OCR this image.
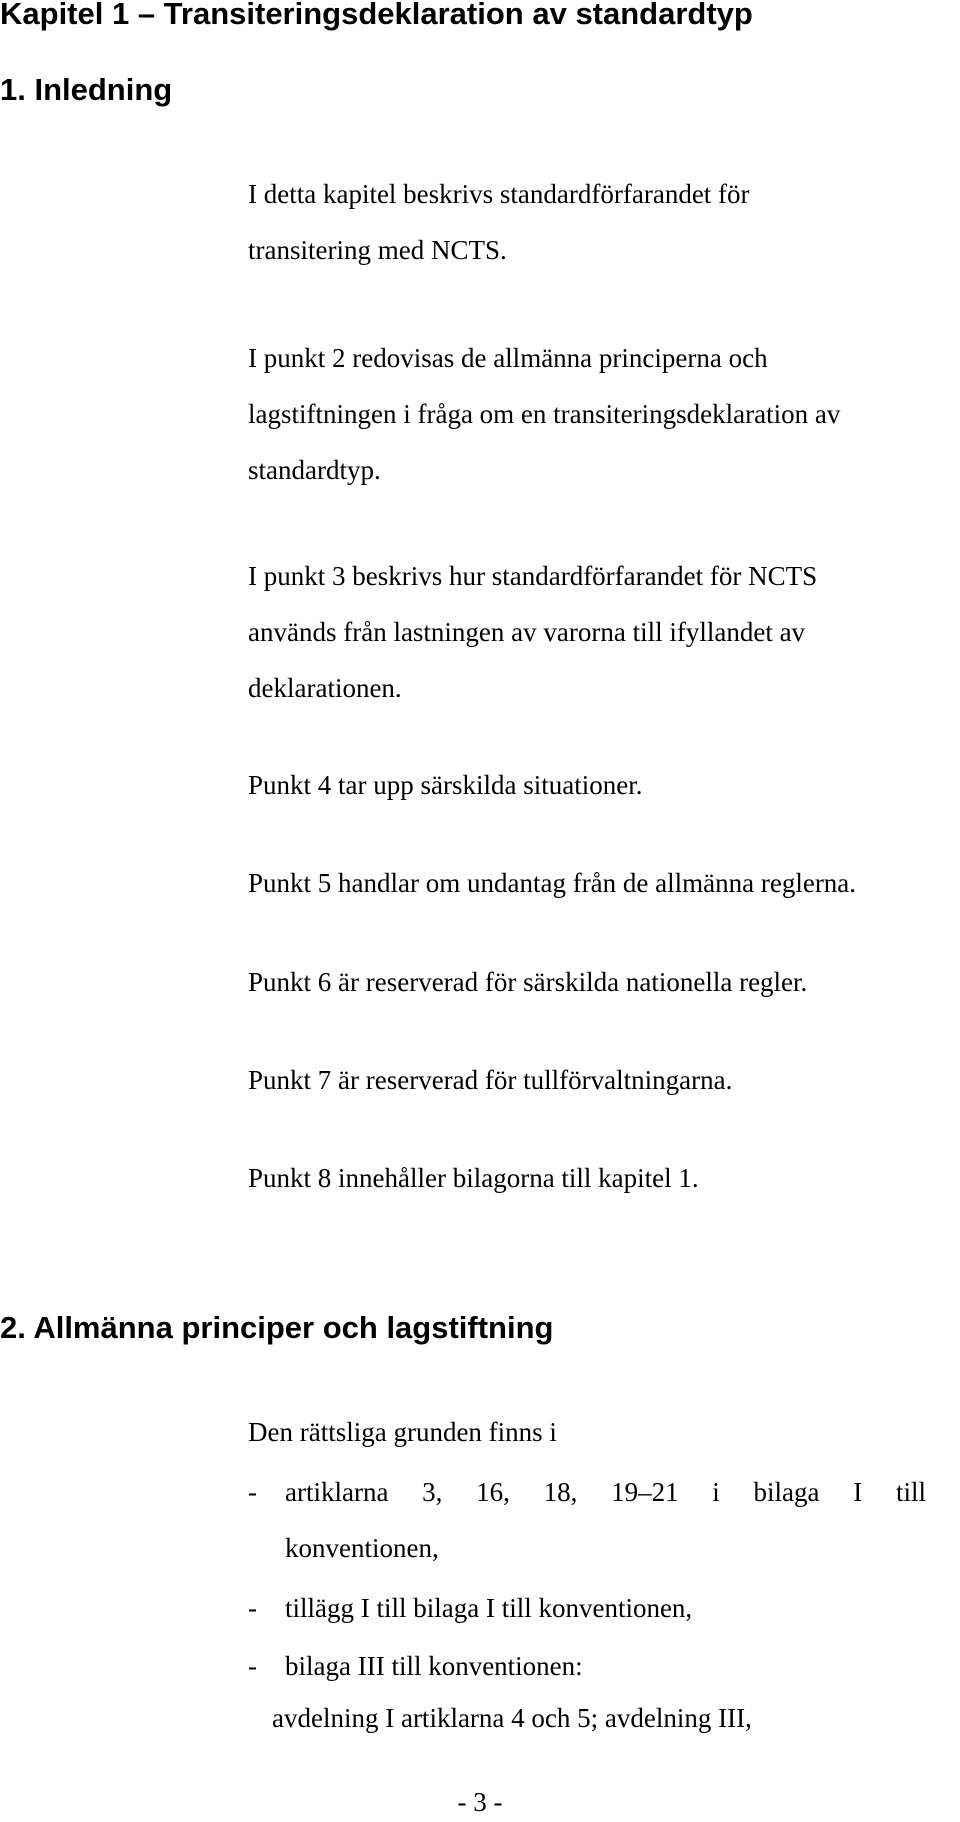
Kapitel 1 – Transiteringsdeklaration av standardtyp
1. Inledning

I detta kapitel beskrivs standardförfarandet för
transitering med NCTS.

I punkt 2 redovisas de allmänna principerna och
lagstiftningen i fråga om en transiteringsdeklaration av
standardtyp.

I punkt 3 beskrivs hur standardförfarandet för NCTS
används från lastningen av varorna till ifyllandet av
deklarationen.

Punkt 4 tar upp särskilda situationer.

Punkt 5 handlar om undantag från de allmänna reglerna.

Punkt 6 är reserverad för särskilda nationella regler.

Punkt 7 är reserverad för tullförvaltningarna.

Punkt 8 innehåller bilagorna till kapitel 1.

2. Allmänna principer och lagstiftning

Den rättsliga grunden finns i

- artiklarna 3, 16, 18, 19–21 i bilaga I till
konventionen,
- tillägg I till bilaga I till konventionen,
- bilaga III till konventionen:
avdelning I artiklarna 4 och 5; avdelning III,
- 3 -
